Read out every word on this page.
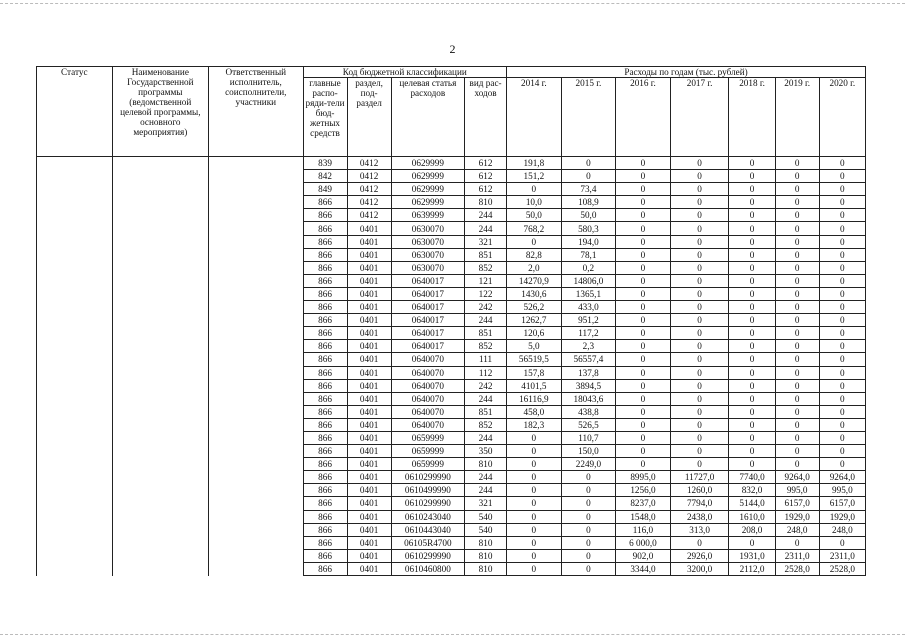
2
Статус	Наименование Государственной программы (ведомственной целевой программы, основного мероприятия)	Ответственный исполнитель, соисполнители, участники	Код бюджетной классификации				Расходы по годам (тыс. рублей)						
			главные распо-ряди-тели бюд-жетных средств	раздел, под-раздел	целевая статья расходов	вид рас-ходов	2014 г.	2015 г.	2016 г.	2017 г.	2018 г.	2019 г.	2020 г.
			839	0412	0629999	612	191,8	0	0	0	0	0	0
			842	0412	0629999	612	151,2	0	0	0	0	0	0
			849	0412	0629999	612	0	73,4	0	0	0	0	0
			866	0412	0629999	810	10,0	108,9	0	0	0	0	0
			866	0412	0639999	244	50,0	50,0	0	0	0	0	0
			866	0401	0630070	244	768,2	580,3	0	0	0	0	0
			866	0401	0630070	321	0	194,0	0	0	0	0	0
			866	0401	0630070	851	82,8	78,1	0	0	0	0	0
			866	0401	0630070	852	2,0	0,2	0	0	0	0	0
			866	0401	0640017	121	14270,9	14806,0	0	0	0	0	0
			866	0401	0640017	122	1430,6	1365,1	0	0	0	0	0
			866	0401	0640017	242	526,2	433,0	0	0	0	0	0
			866	0401	0640017	244	1262,7	951,2	0	0	0	0	0
			866	0401	0640017	851	120,6	117,2	0	0	0	0	0
			866	0401	0640017	852	5,0	2,3	0	0	0	0	0
			866	0401	0640070	111	56519,5	56557,4	0	0	0	0	0
			866	0401	0640070	112	157,8	137,8	0	0	0	0	0
			866	0401	0640070	242	4101,5	3894,5	0	0	0	0	0
			866	0401	0640070	244	16116,9	18043,6	0	0	0	0	0
			866	0401	0640070	851	458,0	438,8	0	0	0	0	0
			866	0401	0640070	852	182,3	526,5	0	0	0	0	0
			866	0401	0659999	244	0	110,7	0	0	0	0	0
			866	0401	0659999	350	0	150,0	0	0	0	0	0
			866	0401	0659999	810	0	2249,0	0	0	0	0	0
			866	0401	0610299990	244	0	0	8995,0	11727,0	7740,0	9264,0	9264,0
			866	0401	0610499990	244	0	0	1256,0	1260,0	832,0	995,0	995,0
			866	0401	0610299990	321	0	0	8237,0	7794,0	5144,0	6157,0	6157,0
			866	0401	0610243040	540	0	0	1548,0	2438,0	1610,0	1929,0	1929,0
			866	0401	0610443040	540	0	0	116,0	313,0	208,0	248,0	248,0
			866	0401	06105R4700	810	0	0	6 000,0	0	0	0	0
			866	0401	0610299990	810	0	0	902,0	2926,0	1931,0	2311,0	2311,0
			866	0401	0610460800	810	0	0	3344,0	3200,0	2112,0	2528,0	2528,0
